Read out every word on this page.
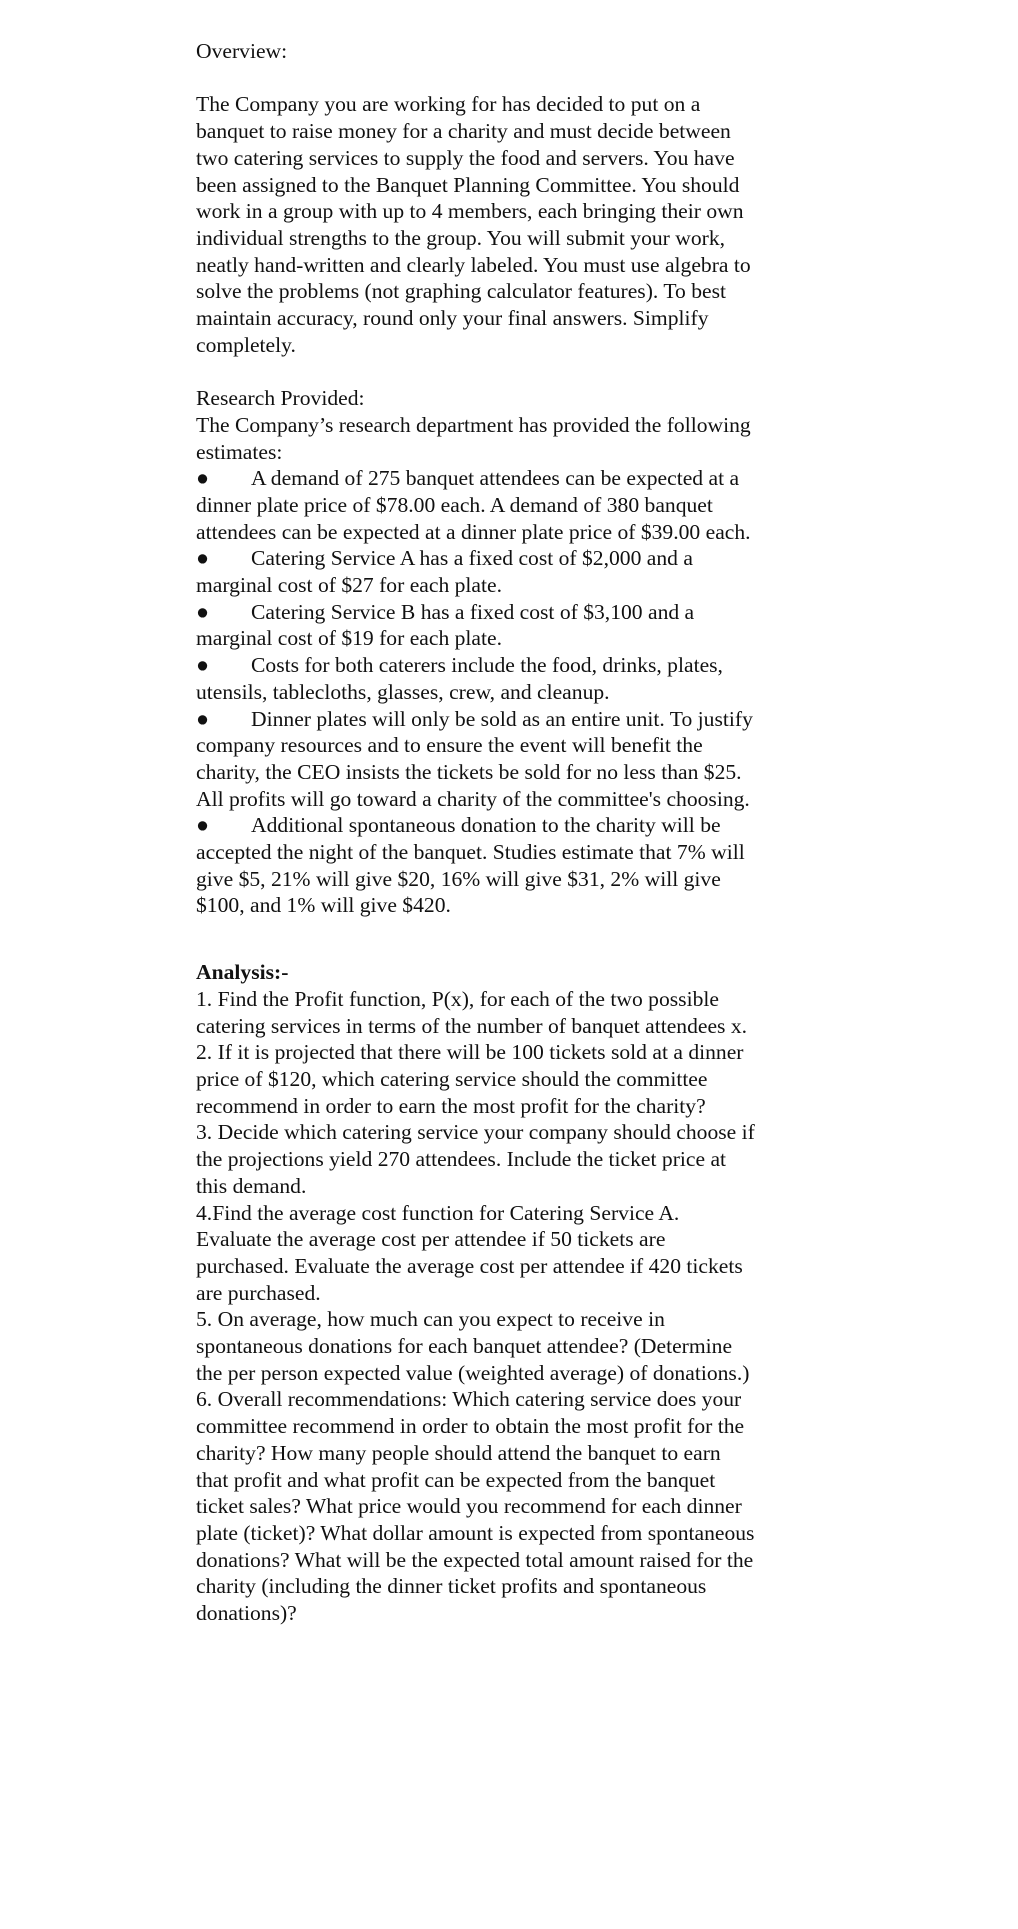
Overview:

The Company you are working for has decided to put on a banquet to raise money for a charity and must decide between two catering services to supply the food and servers. You have been assigned to the Banquet Planning Committee. You should work in a group with up to 4 members, each bringing their own individual strengths to the group. You will submit your work, neatly hand-written and clearly labeled. You must use algebra to solve the problems (not graphing calculator features). To best maintain accuracy, round only your final answers. Simplify completely.

Research Provided:

The Company’s research department has provided the following estimates:

● A demand of 275 banquet attendees can be expected at a dinner plate price of $78.00 each. A demand of 380 banquet attendees can be expected at a dinner plate price of $39.00 each.
● Catering Service A has a fixed cost of $2,000 and a marginal cost of $27 for each plate.
● Catering Service B has a fixed cost of $3,100 and a marginal cost of $19 for each plate.
● Costs for both caterers include the food, drinks, plates, utensils, tablecloths, glasses, crew, and cleanup.
● Dinner plates will only be sold as an entire unit. To justify company resources and to ensure the event will benefit the charity, the CEO insists the tickets be sold for no less than $25. All profits will go toward a charity of the committee's choosing.
● Additional spontaneous donation to the charity will be accepted the night of the banquet. Studies estimate that 7% will give $5, 21% will give $20, 16% will give $31, 2% will give $100, and 1% will give $420.

Analysis:-

1. Find the Profit function, P(x), for each of the two possible catering services in terms of the number of banquet attendees x.

2. If it is projected that there will be 100 tickets sold at a dinner price of $120, which catering service should the committee recommend in order to earn the most profit for the charity?

3. Decide which catering service your company should choose if the projections yield 270 attendees. Include the ticket price at this demand.

4.Find the average cost function for Catering Service A. Evaluate the average cost per attendee if 50 tickets are purchased. Evaluate the average cost per attendee if 420 tickets are purchased.

5. On average, how much can you expect to receive in spontaneous donations for each banquet attendee? (Determine the per person expected value (weighted average) of donations.)

6. Overall recommendations: Which catering service does your committee recommend in order to obtain the most profit for the charity? How many people should attend the banquet to earn that profit and what profit can be expected from the banquet ticket sales? What price would you recommend for each dinner plate (ticket)? What dollar amount is expected from spontaneous donations? What will be the expected total amount raised for the charity (including the dinner ticket profits and spontaneous donations)?
